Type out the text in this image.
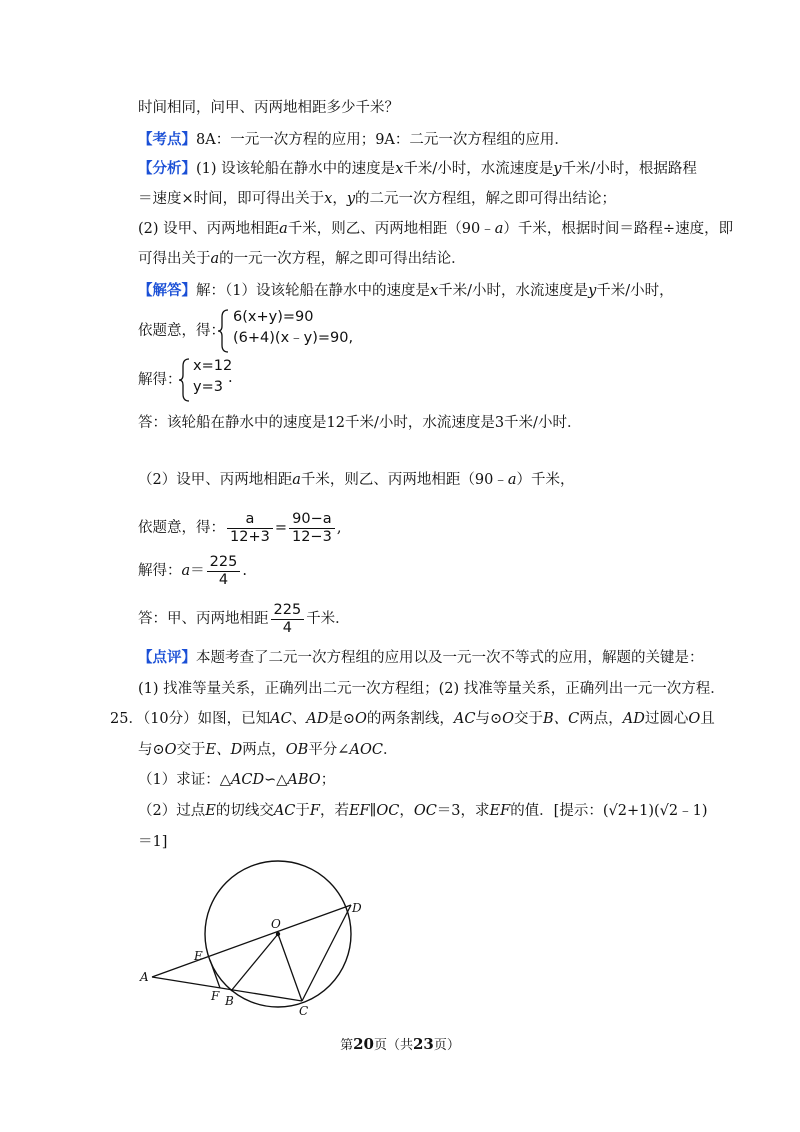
时间相同，问甲、丙两地相距多少千米？
【考点】8A：一元一次方程的应用；9A：二元一次方程组的应用．
【分析】(1) 设该轮船在静水中的速度是x千米/小时，水流速度是y千米/小时，根据路程
＝速度×时间，即可得出关于x，y的二元一次方程组，解之即可得出结论；
(2) 设甲、丙两地相距a千米，则乙、丙两地相距（90﹣a）千米，根据时间＝路程÷速度，即
可得出关于a的一元一次方程，解之即可得出结论．
【解答】解：（1）设该轮船在静水中的速度是x千米/小时，水流速度是y千米/小时，
依题意，得：
6(x+y)=90
(6+4)(x﹣y)=90,
解得：
x=12
y=3
.
答：该轮船在静水中的速度是12千米/小时，水流速度是3千米/小时．
（2）设甲、丙两地相距a千米，则乙、丙两地相距（90﹣a）千米，
依题意，得： $\frac{a}{12+3} = \frac{90-a}{12-3}$ ,
解得：$a= \frac{225}{4}$ .
答：甲、丙两地相距 $\frac{225}{4}$ 千米．
【点评】本题考查了二元一次方程组的应用以及一元一次不等式的应用，解题的关键是：
(1) 找准等量关系，正确列出二元一次方程组；(2) 找准等量关系，正确列出一元一次方程．
25．（10分）如图，已知AC、AD是⊙O的两条割线，AC与⊙O交于B、C两点，AD过圆心O且
与⊙O交于E、D两点，OB平分∠AOC．
（1）求证：△ACD∽△ABO；
（2）过点E的切线交AC于F，若EF∥OC，OC＝3，求EF的值．[提示：(√2+1)(√2﹣1)
＝1]
A
B
C
D
E
F
O
第20页（共23页）
